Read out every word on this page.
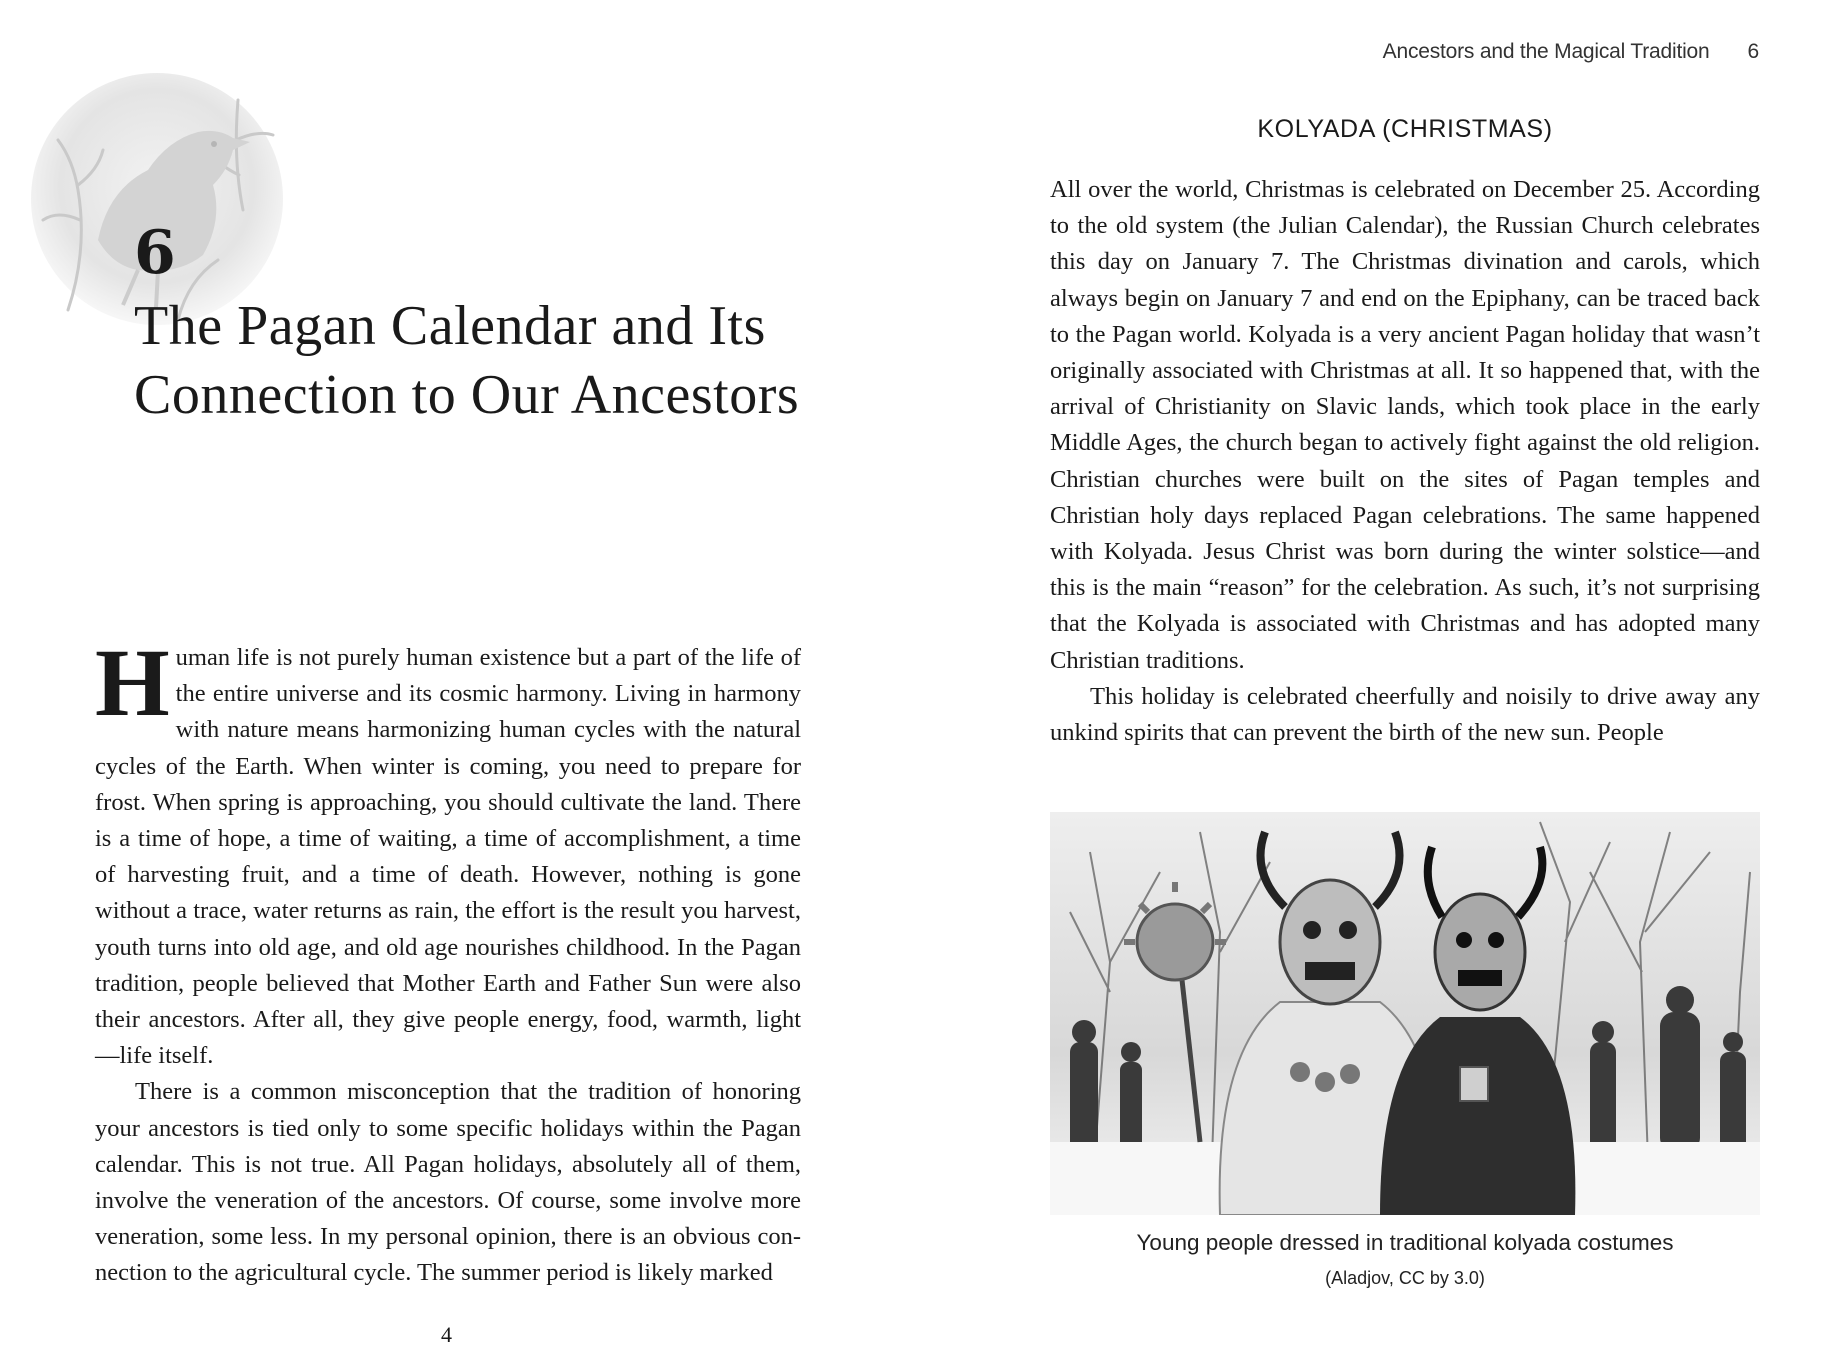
6
The Pagan Calendar and Its Connection to Our Ancestors

Human life is not purely human existence but a part of the life of the entire universe and its cosmic harmony. Living in harmony with nature means harmonizing human cycles with the natural cycles of the Earth. When winter is coming, you need to prepare for frost. When spring is approaching, you should cultivate the land. There is a time of hope, a time of waiting, a time of accomplishment, a time of harvesting fruit, and a time of death. However, nothing is gone without a trace, water returns as rain, the effort is the result you harvest, youth turns into old age, and old age nourishes childhood. In the Pagan tradition, people believed that Mother Earth and Father Sun were also their ancestors. After all, they give people energy, food, warmth, light—life itself.

There is a common misconception that the tradition of honoring your ancestors is tied only to some specific holidays within the Pagan calendar. This is not true. All Pagan holidays, absolutely all of them, involve the veneration of the ancestors. Of course, some involve more veneration, some less. In my personal opinion, there is an obvious connection to the agricultural cycle. The summer period is likely marked

4
Ancestors and the Magical Tradition 6
KOLYADA (CHRISTMAS)

All over the world, Christmas is celebrated on December 25. According to the old system (the Julian Calendar), the Russian Church celebrates this day on January 7. The Christmas divination and carols, which always begin on January 7 and end on the Epiphany, can be traced back to the Pagan world. Kolyada is a very ancient Pagan holiday that wasn’t originally associated with Christmas at all. It so happened that, with the arrival of Christianity on Slavic lands, which took place in the early Middle Ages, the church began to actively fight against the old religion. Christian churches were built on the sites of Pagan temples and Christian holy days replaced Pagan celebrations. The same happened with Kolyada. Jesus Christ was born during the winter solstice—and this is the main “reason” for the celebration. As such, it’s not surprising that the Kolyada is associated with Christmas and has adopted many Christian traditions.

This holiday is celebrated cheerfully and noisily to drive away any unkind spirits that can prevent the birth of the new sun. People

Young people dressed in traditional kolyada costumes

(Aladjov, CC by 3.0)
